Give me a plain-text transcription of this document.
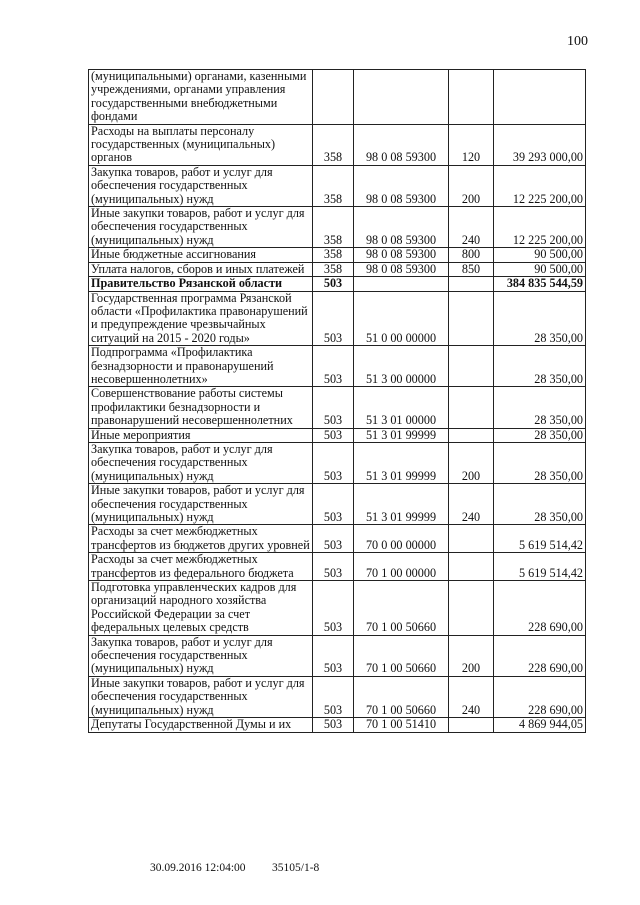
100
(муниципальными) органами, казенными учреждениями, органами управления государственными внебюджетными фондами				
Расходы на выплаты персоналу государственных (муниципальных) органов	358	98 0 08 59300	120	39 293 000,00
Закупка товаров, работ и услуг для обеспечения государственных (муниципальных) нужд	358	98 0 08 59300	200	12 225 200,00
Иные закупки товаров, работ и услуг для обеспечения государственных (муниципальных) нужд	358	98 0 08 59300	240	12 225 200,00
Иные бюджетные ассигнования	358	98 0 08 59300	800	90 500,00
Уплата налогов, сборов и иных платежей	358	98 0 08 59300	850	90 500,00
Правительство Рязанской области	503			384 835 544,59
Государственная программа Рязанской области «Профилактика правонарушений и предупреждение чрезвычайных ситуаций на 2015 - 2020 годы»	503	51 0 00 00000		28 350,00
Подпрограмма «Профилактика безнадзорности и правонарушений несовершеннолетних»	503	51 3 00 00000		28 350,00
Совершенствование работы системы профилактики безнадзорности и правонарушений несовершеннолетних	503	51 3 01 00000		28 350,00
Иные мероприятия	503	51 3 01 99999		28 350,00
Закупка товаров, работ и услуг для обеспечения государственных (муниципальных) нужд	503	51 3 01 99999	200	28 350,00
Иные закупки товаров, работ и услуг для обеспечения государственных (муниципальных) нужд	503	51 3 01 99999	240	28 350,00
Расходы за счет межбюджетных трансфертов из бюджетов других уровней	503	70 0 00 00000		5 619 514,42
Расходы за счет межбюджетных трансфертов из федерального бюджета	503	70 1 00 00000		5 619 514,42
Подготовка управленческих кадров для организаций народного хозяйства Российской Федерации за счет федеральных целевых средств	503	70 1 00 50660		228 690,00
Закупка товаров, работ и услуг для обеспечения государственных (муниципальных) нужд	503	70 1 00 50660	200	228 690,00
Иные закупки товаров, работ и услуг для обеспечения государственных (муниципальных) нужд	503	70 1 00 50660	240	228 690,00
Депутаты Государственной Думы и их	503	70 1 00 51410		4 869 944,05
30.09.2016 12:04:00 35105/1-8
